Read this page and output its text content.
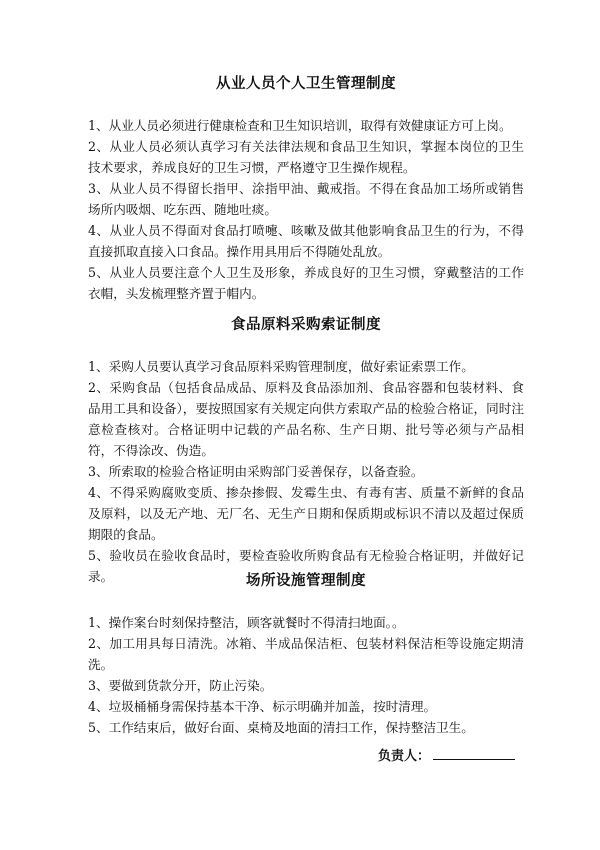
从业人员个人卫生管理制度

1、从业人员必须进行健康检查和卫生知识培训，取得有效健康证方可上岗。

2、从业人员必须认真学习有关法律法规和食品卫生知识，掌握本岗位的卫生技术要求，养成良好的卫生习惯，严格遵守卫生操作规程。

3、从业人员不得留长指甲、涂指甲油、戴戒指。不得在食品加工场所或销售场所内吸烟、吃东西、随地吐痰。

4、从业人员不得面对食品打喷嚏、咳嗽及做其他影响食品卫生的行为，不得直接抓取直接入口食品。操作用具用后不得随处乱放。

5、从业人员要注意个人卫生及形象，养成良好的卫生习惯，穿戴整洁的工作衣帽，头发梳理整齐置于帽内。

食品原料采购索证制度

1、采购人员要认真学习食品原料采购管理制度，做好索证索票工作。

2、采购食品（包括食品成品、原料及食品添加剂、食品容器和包装材料、食品用工具和设备），要按照国家有关规定向供方索取产品的检验合格证，同时注意检查核对。合格证明中记载的产品名称、生产日期、批号等必须与产品相符，不得涂改、伪造。

3、所索取的检验合格证明由采购部门妥善保存，以备查验。

4、不得采购腐败变质、掺杂掺假、发霉生虫、有毒有害、质量不新鲜的食品及原料，以及无产地、无厂名、无生产日期和保质期或标识不清以及超过保质期限的食品。

5、验收员在验收食品时，要检查验收所购食品有无检验合格证明，并做好记录。	场所设施管理制度

1、操作案台时刻保持整洁，顾客就餐时不得清扫地面。。

2、加工用具每日清洗。冰箱、半成品保洁柜、包装材料保洁柜等设施定期清洗。

3、要做到货款分开，防止污染。

4、垃圾桶桶身需保持基本干净、标示明确并加盖，按时清理。

5、工作结束后，做好台面、桌椅及地面的清扫工作，保持整洁卫生。

负责人：
